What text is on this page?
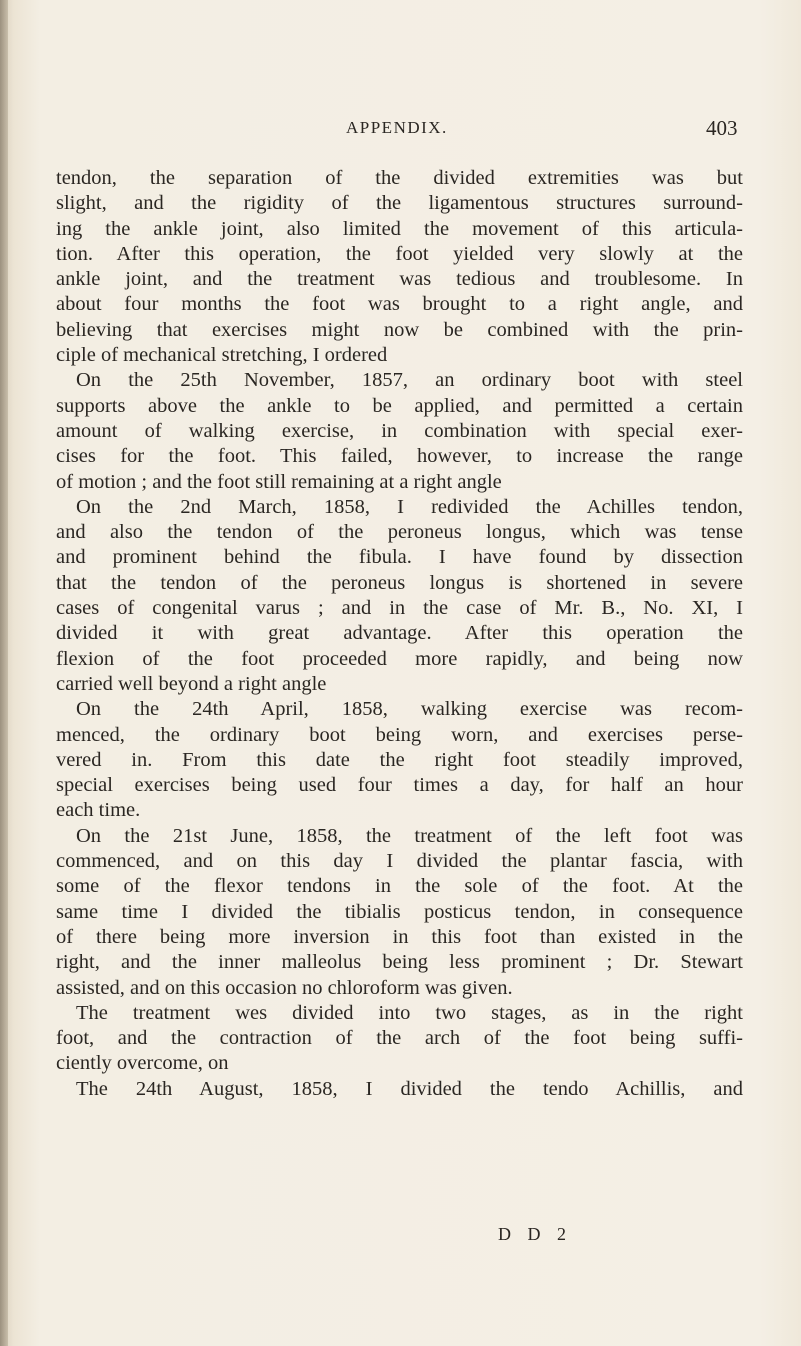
APPENDIX.	403
tendon, the separation of the divided extremities was but
slight, and the rigidity of the ligamentous structures surround-
ing the ankle joint, also limited the movement of this articula-
tion. After this operation, the foot yielded very slowly at the
ankle joint, and the treatment was tedious and troublesome. In
about four months the foot was brought to a right angle, and
believing that exercises might now be combined with the prin-
ciple of mechanical stretching, I ordered
On the 25th November, 1857, an ordinary boot with steel
supports above the ankle to be applied, and permitted a certain
amount of walking exercise, in combination with special exer-
cises for the foot. This failed, however, to increase the range
of motion ; and the foot still remaining at a right angle
On the 2nd March, 1858, I redivided the Achilles tendon,
and also the tendon of the peroneus longus, which was tense
and prominent behind the fibula. I have found by dissection
that the tendon of the peroneus longus is shortened in severe
cases of congenital varus ; and in the case of Mr. B., No. XI, I
divided it with great advantage. After this operation the
flexion of the foot proceeded more rapidly, and being now
carried well beyond a right angle
On the 24th April, 1858, walking exercise was recom-
menced, the ordinary boot being worn, and exercises perse-
vered in. From this date the right foot steadily improved,
special exercises being used four times a day, for half an hour
each time.
On the 21st June, 1858, the treatment of the left foot was
commenced, and on this day I divided the plantar fascia, with
some of the flexor tendons in the sole of the foot. At the
same time I divided the tibialis posticus tendon, in consequence
of there being more inversion in this foot than existed in the
right, and the inner malleolus being less prominent ; Dr. Stewart
assisted, and on this occasion no chloroform was given.
The treatment wes divided into two stages, as in the right
foot, and the contraction of the arch of the foot being suffi-
ciently overcome, on
The 24th August, 1858, I divided the tendo Achillis, and
D D 2
